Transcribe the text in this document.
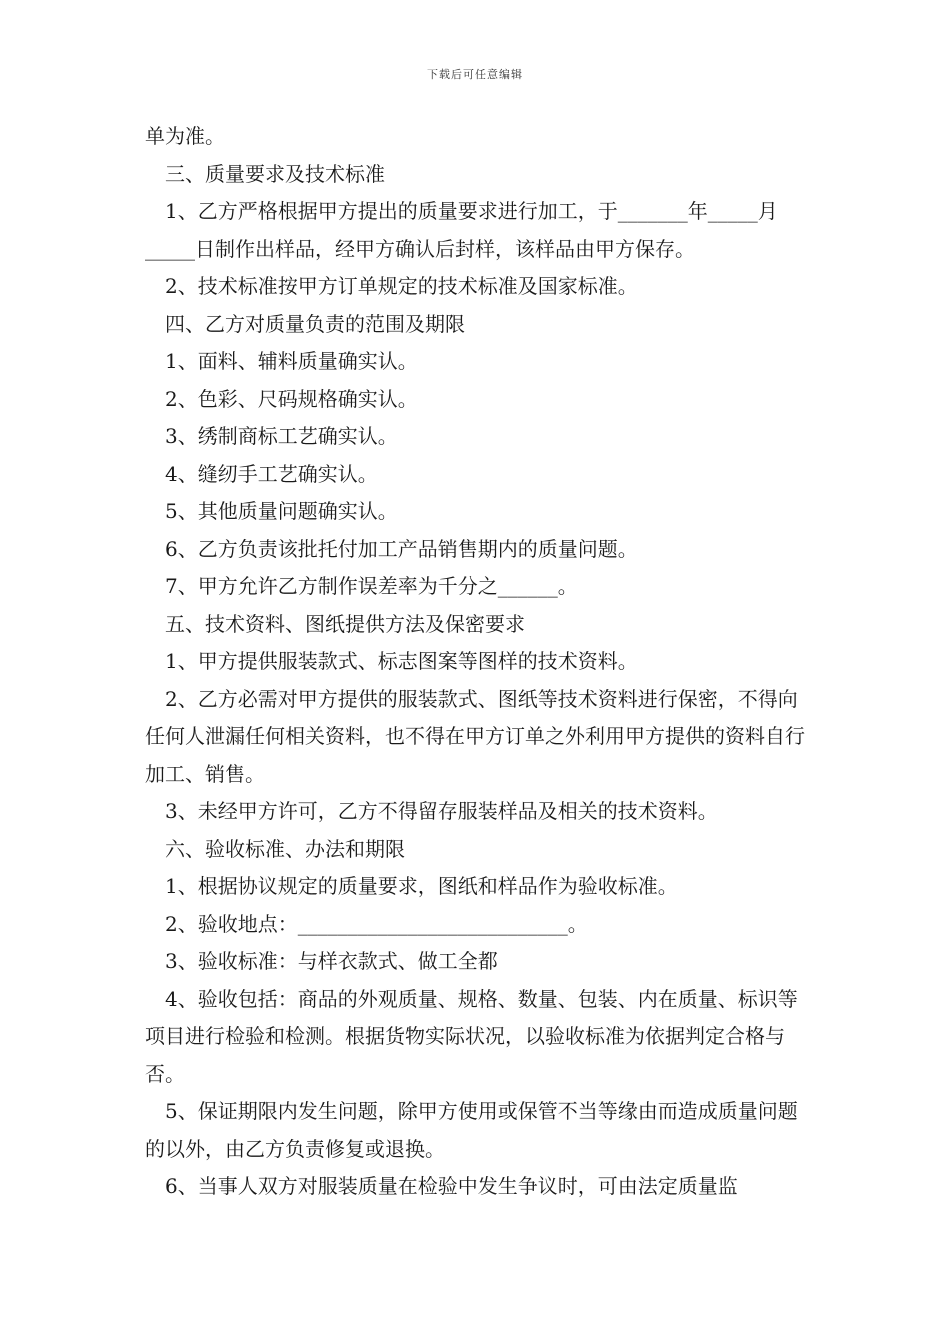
下载后可任意编辑

单为准。

三、质量要求及技术标准

1、乙方严格根据甲方提出的质量要求进行加工，于_______年_____月_____日制作出样品，经甲方确认后封样，该样品由甲方保存。

2、技术标准按甲方订单规定的技术标准及国家标准。

四、乙方对质量负责的范围及期限

1、面料、辅料质量确实认。

2、色彩、尺码规格确实认。

3、绣制商标工艺确实认。

4、缝纫手工艺确实认。

5、其他质量问题确实认。

6、乙方负责该批托付加工产品销售期内的质量问题。

7、甲方允许乙方制作误差率为千分之______。

五、技术资料、图纸提供方法及保密要求

1、甲方提供服装款式、标志图案等图样的技术资料。

2、乙方必需对甲方提供的服装款式、图纸等技术资料进行保密，不得向任何人泄漏任何相关资料，也不得在甲方订单之外利用甲方提供的资料自行加工、销售。

3、未经甲方许可，乙方不得留存服装样品及相关的技术资料。

六、验收标准、办法和期限

1、根据协议规定的质量要求，图纸和样品作为验收标准。

2、验收地点：___________________________。

3、验收标准：与样衣款式、做工全都

4、验收包括：商品的外观质量、规格、数量、包装、内在质量、标识等项目进行检验和检测。根据货物实际状况，以验收标准为依据判定合格与否。

5、保证期限内发生问题，除甲方使用或保管不当等缘由而造成质量问题的以外，由乙方负责修复或退换。

6、当事人双方对服装质量在检验中发生争议时，可由法定质量监
